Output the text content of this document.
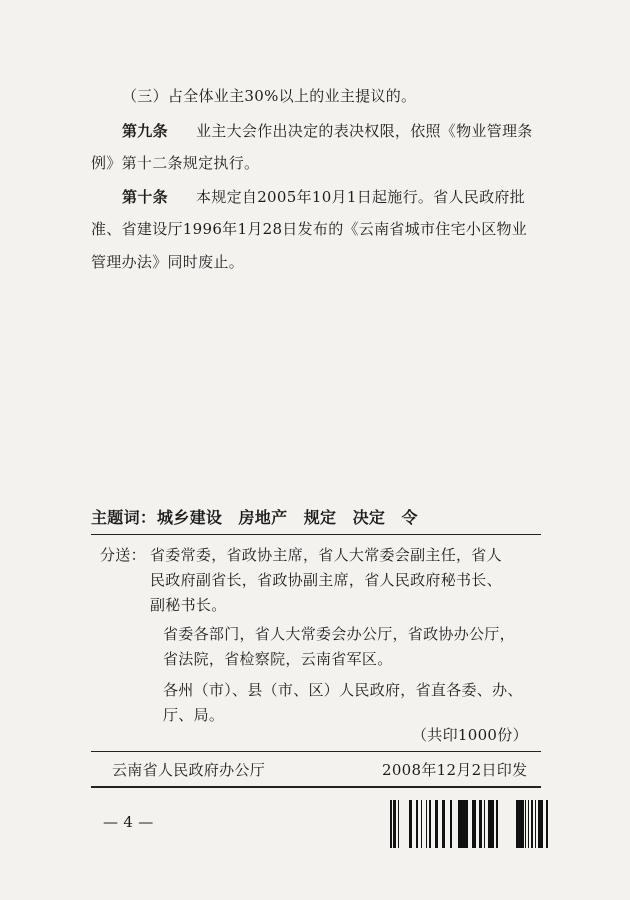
（三）占全体业主30%以上的业主提议的。
第九条 业主大会作出决定的表决权限，依照《物业管理条
例》第十二条规定执行。
第十条 本规定自2005年10月1日起施行。省人民政府批
准、省建设厅1996年1月28日发布的《云南省城市住宅小区物业
管理办法》同时废止。
主题词： 城乡建设　房地产　规定　决定　令
分送： 省委常委，省政协主席，省人大常委会副主任，省人
民政府副省长，省政协副主席，省人民政府秘书长、
副秘书长。
省委各部门，省人大常委会办公厅，省政协办公厅，
省法院，省检察院，云南省军区。
各州（市）、县（市、区）人民政府，省直各委、办、
厅、局。
（共印1000份）
云南省人民政府办公厅	2008年12月2日印发
— 4 —
